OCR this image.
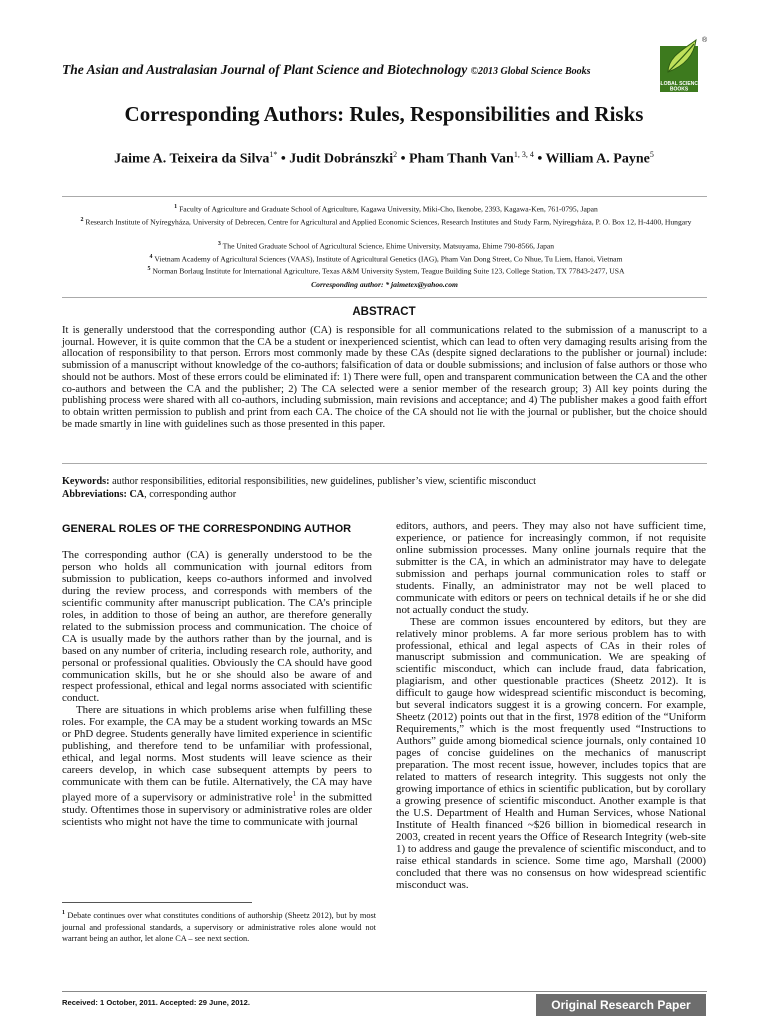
The Asian and Australasian Journal of Plant Science and Biotechnology ©2013 Global Science Books
GLOBAL SCIENCE
BOOKS
®
Corresponding Authors: Rules, Responsibilities and Risks
Jaime A. Teixeira da Silva$^{1*}$ • Judit Dobránszki$^2$ • Pham Thanh Van$^{1, 3, 4}$ • William A. Payne$^5$
$^1$ Faculty of Agriculture and Graduate School of Agriculture, Kagawa University, Miki-Cho, Ikenobe, 2393, Kagawa-Ken, 761-0795, Japan
$^2$ Research Institute of Nyíregyháza, University of Debrecen, Centre for Agricultural and Applied Economic Sciences, Research Institutes and Study Farm, Nyíregyháza, P. O. Box 12, H-4400, Hungary
$^3$ The United Graduate School of Agricultural Science, Ehime University, Matsuyama, Ehime 790-8566, Japan
$^4$ Vietnam Academy of Agricultural Sciences (VAAS), Institute of Agricultural Genetics (IAG), Pham Van Dong Street, Co Nhue, Tu Liem, Hanoi, Vietnam
$^5$ Norman Borlaug Institute for International Agriculture, Texas A&M University System, Teague Building Suite 123, College Station, TX 77843-2477, USA
Corresponding author: * jaimetex@yahoo.com
ABSTRACT
It is generally understood that the corresponding author (CA) is responsible for all communications related to the submission of a manuscript to a journal. However, it is quite common that the CA be a student or inexperienced scientist, which can lead to often very damaging results arising from the allocation of responsibility to that person. Errors most commonly made by these CAs (despite signed declarations to the publisher or journal) include: submission of a manuscript without knowledge of the co-authors; falsification of data or double submissions; and inclusion of false authors or those who should not be authors. Most of these errors could be eliminated if: 1) There were full, open and transparent communication between the CA and the other co-authors and between the CA and the publisher; 2) The CA selected were a senior member of the research group; 3) All key points during the publishing process were shared with all co-authors, including submission, main revisions and acceptance; and 4) The publisher makes a good faith effort to obtain written permission to publish and print from each CA. The choice of the CA should not lie with the journal or publisher, but the choice should be made smartly in line with guidelines such as those presented in this paper.
Keywords: author responsibilities, editorial responsibilities, new guidelines, publisher’s view, scientific misconduct
Abbreviations: CA, corresponding author
GENERAL ROLES OF THE CORRESPONDING AUTHOR

The corresponding author (CA) is generally understood to be the person who holds all communication with journal editors from submission to publication, keeps co-authors informed and involved during the review process, and corresponds with members of the scientific community after manuscript publication. The CA’s principle roles, in addition to those of being an author, are therefore generally related to the submission process and communication. The choice of CA is usually made by the authors rather than by the journal, and is based on any number of criteria, including research role, authority, and personal or professional qualities. Obviously the CA should have good communication skills, but he or she should also be aware of and respect professional, ethical and legal norms associated with scientific conduct.

There are situations in which problems arise when fulfilling these roles. For example, the CA may be a student working towards an MSc or PhD degree. Students generally have limited experience in scientific publishing, and therefore tend to be unfamiliar with professional, ethical, and legal norms. Most students will leave science as their careers develop, in which case subsequent attempts by peers to communicate with them can be futile. Alternatively, the CA may have played more of a supervisory or administrative role$^1$ in the submitted study. Oftentimes those in supervisory or administrative roles are older scientists who might not have the time to communicate with journal

editors, authors, and peers. They may also not have sufficient time, experience, or patience for increasingly common, if not requisite online submission processes. Many online journals require that the submitter is the CA, in which an administrator may have to delegate submission and perhaps journal communication roles to staff or students. Finally, an administrator may not be well placed to communicate with editors or peers on technical details if he or she did not actually conduct the study.

These are common issues encountered by editors, but they are relatively minor problems. A far more serious problem has to with professional, ethical and legal aspects of CAs in their roles of manuscript submission and communication. We are speaking of scientific misconduct, which can include fraud, data fabrication, plagiarism, and other questionable practices (Sheetz 2012). It is difficult to gauge how widespread scientific misconduct is becoming, but several indicators suggest it is a growing concern. For example, Sheetz (2012) points out that in the first, 1978 edition of the “Uniform Requirements,” which is the most frequently used “Instructions to Authors” guide among biomedical science journals, only contained 10 pages of concise guidelines on the mechanics of manuscript preparation. The most recent issue, however, includes topics that are related to matters of research integrity. This suggests not only the growing importance of ethics in scientific publication, but by corollary a growing presence of scientific misconduct. Another example is that the U.S. Department of Health and Human Services, whose National Institute of Health financed ~$26 billion in biomedical research in 2003, created in recent years the Office of Research Integrity (web-site 1) to address and gauge the prevalence of scientific misconduct, and to raise ethical standards in science. Some time ago, Marshall (2000) concluded that there was no consensus on how widespread scientific misconduct was.

$^1$ Debate continues over what constitutes conditions of authorship (Sheetz 2012), but by most journal and professional standards, a supervisory or administrative roles alone would not warrant being an author, let alone CA – see next section.
Received: 1 October, 2011. Accepted: 29 June, 2012.	Original Research Paper
